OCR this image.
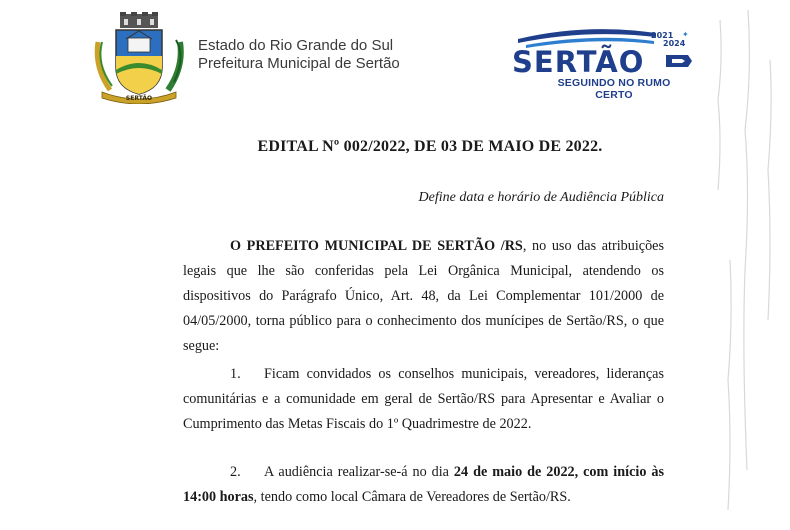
SERTÃO
Estado do Rio Grande do Sul
Prefeitura Municipal de Sertão
2021
2024
✦
SERTÃO
SEGUINDO NO RUMO CERTO
EDITAL Nº 002/2022, DE 03 DE MAIO DE 2022.
Define data e horário de Audiência Pública
O PREFEITO MUNICIPAL DE SERTÃO /RS, no uso das atribuições legais que lhe são conferidas pela Lei Orgânica Municipal, atendendo os dispositivos do Parágrafo Único, Art. 48, da Lei Complementar 101/2000 de 04/05/2000, torna público para o conhecimento dos munícipes de Sertão/RS, o que segue:
1. Ficam convidados os conselhos municipais, vereadores, lideranças comunitárias e a comunidade em geral de Sertão/RS para Apresentar e Avaliar o Cumprimento das Metas Fiscais do 1º Quadrimestre de 2022.
2. A audiência realizar-se-á no dia 24 de maio de 2022, com início às 14:00 horas, tendo como local Câmara de Vereadores de Sertão/RS.
